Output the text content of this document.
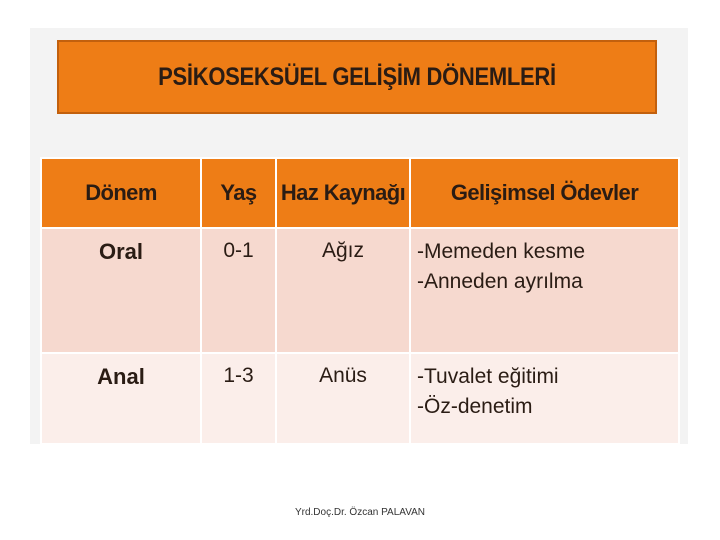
PSİKOSEKSÜEL GELİŞİM DÖNEMLERİ
Dönem	Yaş	Haz Kaynağı	Gelişimsel Ödevler
Oral	0-1	Ağız	-Memeden kesme
-Anneden ayrılma

Anal	1-3	Anüs	-Tuvalet eğitimi
-Öz-denetim
Yrd.Doç.Dr. Özcan PALAVAN
